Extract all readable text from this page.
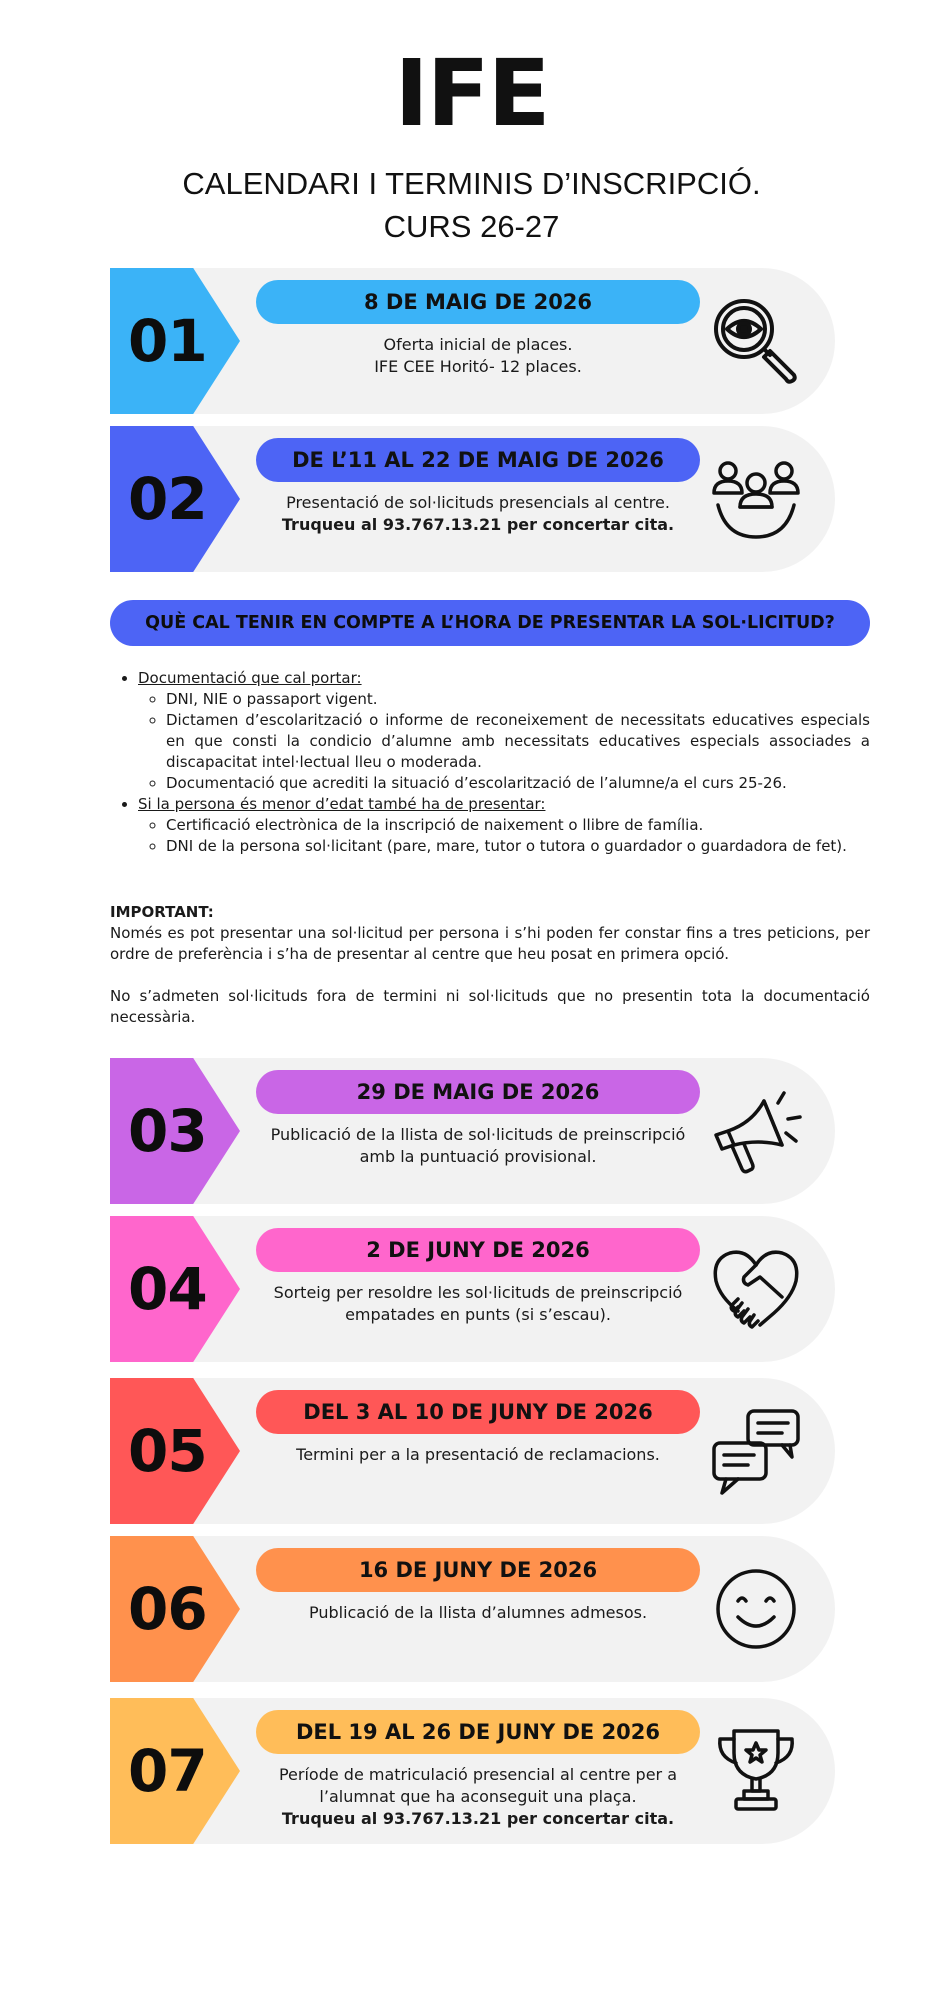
IFE
CALENDARI I TERMINIS D’INSCRIPCIÓ.
CURS 26-27
01
8 DE MAIG DE 2026
Oferta inicial de places.
IFE CEE Horitó- 12 places.
02
DE L’11 AL 22 DE MAIG DE 2026
Presentació de sol·licituds presencials al centre.
Truqueu al 93.767.13.21 per concertar cita.
QUÈ CAL TENIR EN COMPTE A L’HORA DE PRESENTAR LA SOL·LICITUD?
• Documentació que cal portar:
◦ DNI, NIE o passaport vigent.
◦ Dictamen d’escolarització o informe de reconeixement de necessitats educatives especials en que consti la condicio d’alumne amb necessitats educatives especials associades a discapacitat intel·lectual lleu o moderada.
◦ Documentació que acrediti la situació d’escolarització de l’alumne/a el curs 25-26.
• Si la persona és menor d’edat també ha de presentar:
◦ Certificació electrònica de la inscripció de naixement o llibre de família.
◦ DNI de la persona sol·licitant (pare, mare, tutor o tutora o guardador o guardadora de fet).
IMPORTANT:

Només es pot presentar una sol·licitud per persona i s’hi poden fer constar fins a tres peticions, per ordre de preferència i s’ha de presentar al centre que heu posat en primera opció.

No s’admeten sol·licituds fora de termini ni sol·licituds que no presentin tota la documentació necessària.

03
29 DE MAIG DE 2026
Publicació de la llista de sol·licituds de preinscripció
amb la puntuació provisional.
04
2 DE JUNY DE 2026
Sorteig per resoldre les sol·licituds de preinscripció
empatades en punts (si s’escau).
05
DEL 3 AL 10 DE JUNY DE 2026
Termini per a la presentació de reclamacions.
06
16 DE JUNY DE 2026
Publicació de la llista d’alumnes admesos.
07
DEL 19 AL 26 DE JUNY DE 2026
Període de matriculació presencial al centre per a
l’alumnat que ha aconseguit una plaça.
Truqueu al 93.767.13.21 per concertar cita.
